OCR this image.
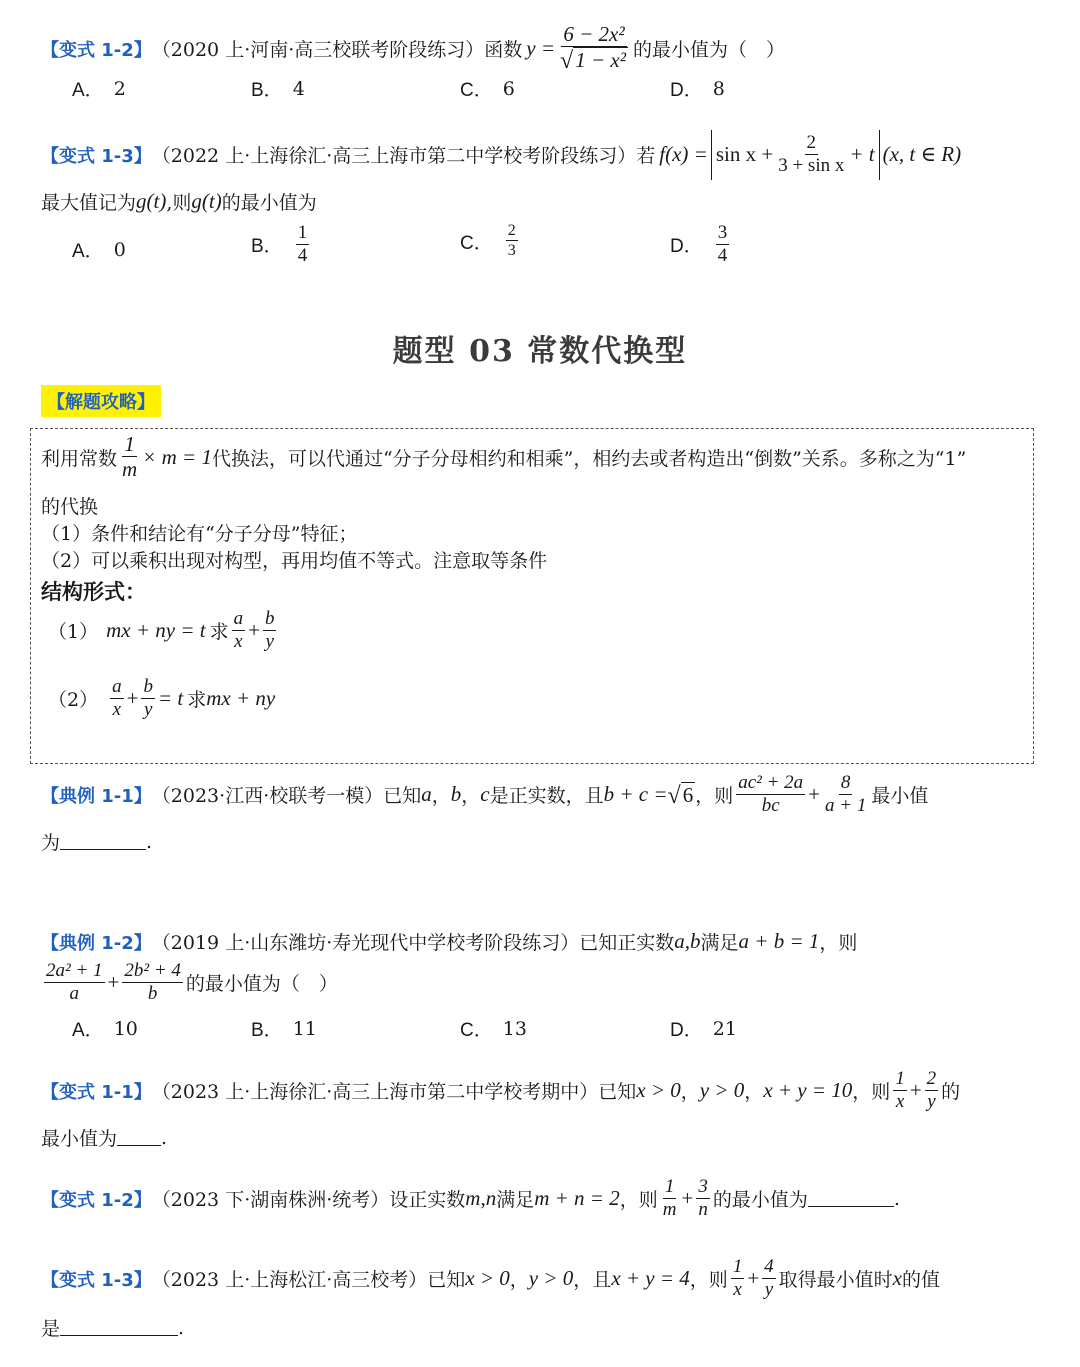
【变式 1-2】 （2020 上·河南·高三校联考阶段练习）函数 $y = \frac{\text{6 − 2x²}}{\text{√ 1 − x²}}$ 的最小值为（　）
A． 2	B． 4	C． 6	D． 8
【变式 1-3】 （2022 上·上海徐汇·高三上海市第二中学校考阶段练习）若 $f(x) = \sin x + \frac{2}{\text{3 + sin x}} + t$ (x, t ∈ R)
最大值记为 g(t) ,则 g(t) 的最小值为
A． 0	B． $\frac{1}{4}$	C． $\frac{2}{3}$	D． $\frac{3}{4}$
题型 03 常数代换型
【解题攻略】
利用常数 $\frac{1}{m} \times m = 1$ 代换法，可以代通过“分子分母相约和相乘”，相约去或者构造出“倒数”关系。多称之为“1”
的代换
（1）条件和结论有“分子分母”特征；
（2）可以乘积出现对构型，再用均值不等式。注意取等条件
结构形式：
（1） mx + ny = t 求 $\frac{a}{x} + \frac{b}{y}$
$(2) \frac{a}{x} + \frac{b}{y} = t$ 求 mx + ny
【典例 1-1】 （2023·江西·校联考一模）已知 a ， b ， c 是正实数，且 b + c = √ 6 ，则 $\frac{\text{ac² + 2a}}{bc} + \frac{8}{a + 1}$ 最小值
为	.
【典例 1-2】 （2019 上·山东潍坊·寿光现代中学校考阶段练习）已知正实数 a,b 满足 a + b = 1 ，则
$\frac{\text{2a² + 1}}{a} + \frac{\text{2b² + 4}}{b}$ 的最小值为（　）
A． 10	B． 11	C． 13	D． 21
【变式 1-1】 （2023 上·上海徐汇·高三上海市第二中学校考期中）已知 x > 0 ， y > 0 ， x + y = 10 ，则 $\frac{1}{x} + \frac{2}{y}$ 的
最小值为 .
【变式 1-2】 （2023 下·湖南株洲·统考）设正实数 m,n 满足 m + n = 2 ，则 $\frac{1}{m} + \frac{3}{n}$ 的最小值为	.
【变式 1-3】 （2023 上·上海松江·高三校考）已知 x > 0 ， y > 0 ，且 x + y = 4 ，则 $\frac{1}{x} + \frac{4}{y}$ 取得最小值时 x 的值
是	.
